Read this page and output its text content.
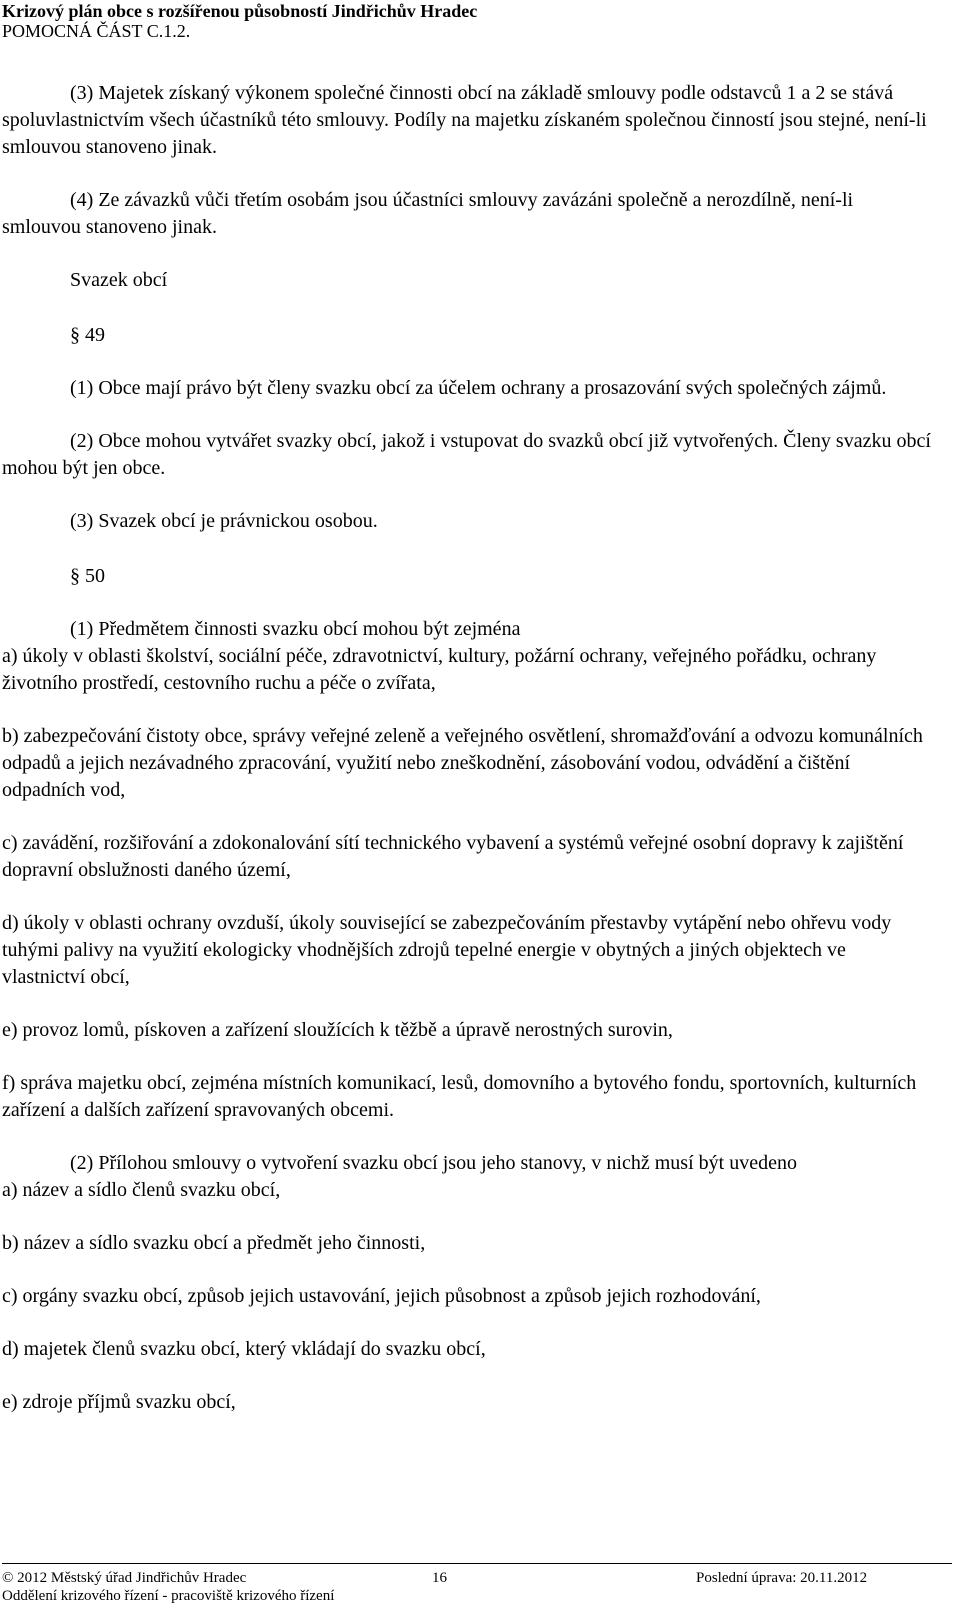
Krizový plán obce s rozšířenou působností Jindřichův Hradec
POMOCNÁ ČÁST C.1.2.

(3) Majetek získaný výkonem společné činnosti obcí na základě smlouvy podle odstavců 1 a 2 se stává spoluvlastnictvím všech účastníků této smlouvy. Podíly na majetku získaném společnou činností jsou stejné, není-li smlouvou stanoveno jinak.

(4) Ze závazků vůči třetím osobám jsou účastníci smlouvy zavázáni společně a nerozdílně, není-li smlouvou stanoveno jinak.

Svazek obcí

§ 49

(1) Obce mají právo být členy svazku obcí za účelem ochrany a prosazování svých společných zájmů.

(2) Obce mohou vytvářet svazky obcí, jakož i vstupovat do svazků obcí již vytvořených. Členy svazku obcí mohou být jen obce.

(3) Svazek obcí je právnickou osobou.

§ 50

(1) Předmětem činnosti svazku obcí mohou být zejména

a) úkoly v oblasti školství, sociální péče, zdravotnictví, kultury, požární ochrany, veřejného pořádku, ochrany životního prostředí, cestovního ruchu a péče o zvířata,

b) zabezpečování čistoty obce, správy veřejné zeleně a veřejného osvětlení, shromažďování a odvozu komunálních odpadů a jejich nezávadného zpracování, využití nebo zneškodnění, zásobování vodou, odvádění a čištění odpadních vod,

c) zavádění, rozšiřování a zdokonalování sítí technického vybavení a systémů veřejné osobní dopravy k zajištění dopravní obslužnosti daného území,

d) úkoly v oblasti ochrany ovzduší, úkoly související se zabezpečováním přestavby vytápění nebo ohřevu vody tuhými palivy na využití ekologicky vhodnějších zdrojů tepelné energie v obytných a jiných objektech ve vlastnictví obcí,

e) provoz lomů, pískoven a zařízení sloužících k těžbě a úpravě nerostných surovin,

f) správa majetku obcí, zejména místních komunikací, lesů, domovního a bytového fondu, sportovních, kulturních zařízení a dalších zařízení spravovaných obcemi.

(2) Přílohou smlouvy o vytvoření svazku obcí jsou jeho stanovy, v nichž musí být uvedeno

a) název a sídlo členů svazku obcí,

b) název a sídlo svazku obcí a předmět jeho činnosti,

c) orgány svazku obcí, způsob jejich ustavování, jejich působnost a způsob jejich rozhodování,

d) majetek členů svazku obcí, který vkládají do svazku obcí,

e) zdroje příjmů svazku obcí,

© 2012 Městský úřad Jindřichův Hradec	16	Poslední úprava: 20.11.2012
Oddělení krizového řízení - pracoviště krizového řízení
